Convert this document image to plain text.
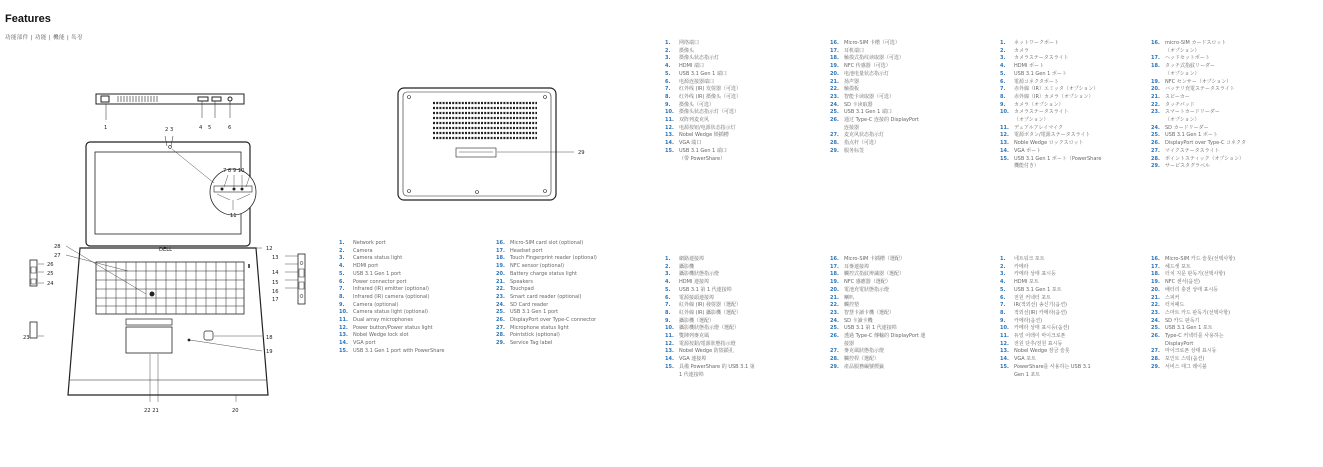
Features
功能部件 | 功能 | 機能 | 특징
1	2 3	4 5	6
7 8 9 10
11
28
27
DELL	12
13
14
15
16
17
26
25
24
23	18
19
20
22 21
29
1.	Network port
2.	Camera
3.	Camera status light
4.	HDMI port
5.	USB 3.1 Gen 1 port
6.	Power connector port
7.	Infrared (IR) emitter (optional)
8.	Infrared (IR) camera (optional)
9.	Camera (optional)
10.	Camera status light (optional)
11.	Dual array microphones
12.	Power button/Power status light
13.	Nobel Wedge lock slot
14.	VGA port
15.	USB 3.1 Gen 1 port with PowerShare
16.	Micro-SIM card slot (optional)
17.	Headset port
18.	Touch Fingerprint reader (optional)
19.	NFC sensor (optional)
20.	Battery charge status light
21.	Speakers
22.	Touchpad
23.	Smart card reader (optional)
24.	SD Card reader
25.	USB 3.1 Gen 1 port
26.	DisplayPort over Type-C connector
27.	Microphone status light
28.	Pointstick (optional)
29.	Service Tag label
1.	网络端口
2.	摄像头
3.	摄像头状态指示灯
4.	HDMI 端口
5.	USB 3.1 Gen 1 端口
6.	电源连接器端口
7.	红外线 (IR) 发射器（可选）
8.	红外线 (IR) 摄像头（可选）
9.	摄像头（可选）
10.	摄像头状态指示灯（可选）
11.	双阵列麦克风
12.	电源按钮/电源状态指示灯
13.	Nobel Wedge 锁插槽
14.	VGA 端口
15.	USB 3.1 Gen 1 端口
（带 PowerShare）
16.	Micro-SIM 卡槽（可选）
17.	耳机端口
18.	触摸式指纹读取器（可选）
19.	NFC 传感器（可选）
20.	电池电量状态指示灯
21.	扬声器
22.	触摸板
23.	智能卡读取器（可选）
24.	SD 卡读取器
25.	USB 3.1 Gen 1 端口
26.	通过 Type-C 连接的 DisplayPort
连接器
27.	麦克风状态指示灯
28.	指点杆（可选）
29.	服务标签
1.	網路連接埠
2.	攝影機
3.	攝影機狀態指示燈
4.	HDMI 連接埠
5.	USB 3.1 第 1 代連接埠
6.	電源接頭連接埠
7.	紅外線 (IR) 發射器（選配）
8.	紅外線 (IR) 攝影機（選配）
9.	攝影機（選配）
10.	攝影機狀態指示燈（選配）
11.	雙陣列麥克風
12.	電源按鈕/電源狀態指示燈
13.	Nobel Wedge 防盜鎖孔
14.	VGA 連接埠
15.	具備 PowerShare 的 USB 3.1 第
1 代連接埠
16.	Micro-SIM 卡插槽（選配）
17.	耳麥連接埠
18.	觸控式指紋辨識器（選配）
19.	NFC 感應器（選配）
20.	電池充電狀態指示燈
21.	喇叭
22.	觸控墊
23.	智慧卡讀卡機（選配）
24.	SD 卡讀卡機
25.	USB 3.1 第 1 代連接埠
26.	透過 Type-C 傳輸的 DisplayPort 連
接器
27.	麥克風狀態指示燈
28.	觸控桿（選配）
29.	產品服務編號標籤
1.	ネットワークポート
2.	カメラ
3.	カメラステータスライト
4.	HDMI ポート
5.	USB 3.1 Gen 1 ポート
6.	電源コネクタポート
7.	赤外線（IR）エミッタ（オプション）
8.	赤外線（IR）カメラ（オプション）
9.	カメラ（オプション）
10.	カメラステータスライト
（オプション）
11.	デュアルアレイマイク
12.	電源ボタン/電源ステータスライト
13.	Noble Wedge ロックスロット
14.	VGA ポート
15.	USB 3.1 Gen 1 ポート（PowerShare
機能付き）
16.	micro-SIM カードスロット
（オプション）
17.	ヘッドセットポート
18.	タッチ式指紋リーダー
（オプション）
19.	NFC センサー（オプション）
20.	バッテリ充電ステータスライト
21.	スピーカー
22.	タッチパッド
23.	スマートカードリーダー
（オプション）
24.	SD カードリーダー
25.	USB 3.1 Gen 1 ポート
26.	DisplayPort over Type-C コネクタ
27.	マイクステータスライト
28.	ポイントスティック（オプション）
29.	サービスタグラベル
1.	네트워크 포트
2.	카메라
3.	카메라 상태 표시등
4.	HDMI 포트
5.	USB 3.1 Gen 1 포트
6.	전원 커넥터 포트
7.	IR(적외선) 송신기(옵션)
8.	적외선(IR) 카메라(옵션)
9.	카메라(옵션)
10.	카메라 상태 표시등(옵션)
11.	듀얼 어레이 마이크로폰
12.	전원 단추/전원 표시등
13.	Nobel Wedge 잠금 슬롯
14.	VGA 포트
15.	PowerShare를 사용하는 USB 3.1
Gen 1 포트
16.	Micro-SIM 카드 슬롯(선택사항)
17.	헤드셋 포트
18.	터치 지문 판독기(선택사항)
19.	NFC 센서(옵션)
20.	배터리 충전 상태 표시등
21.	스피커
22.	터치패드
23.	스마트 카드 판독기(선택사항)
24.	SD 카드 판독기
25.	USB 3.1 Gen 1 포트
26.	Type-C 커넥터를 사용하는
DisplayPort
27.	마이크로폰 상태 표시등
28.	포인트 스틱(옵션)
29.	서비스 태그 레이블
